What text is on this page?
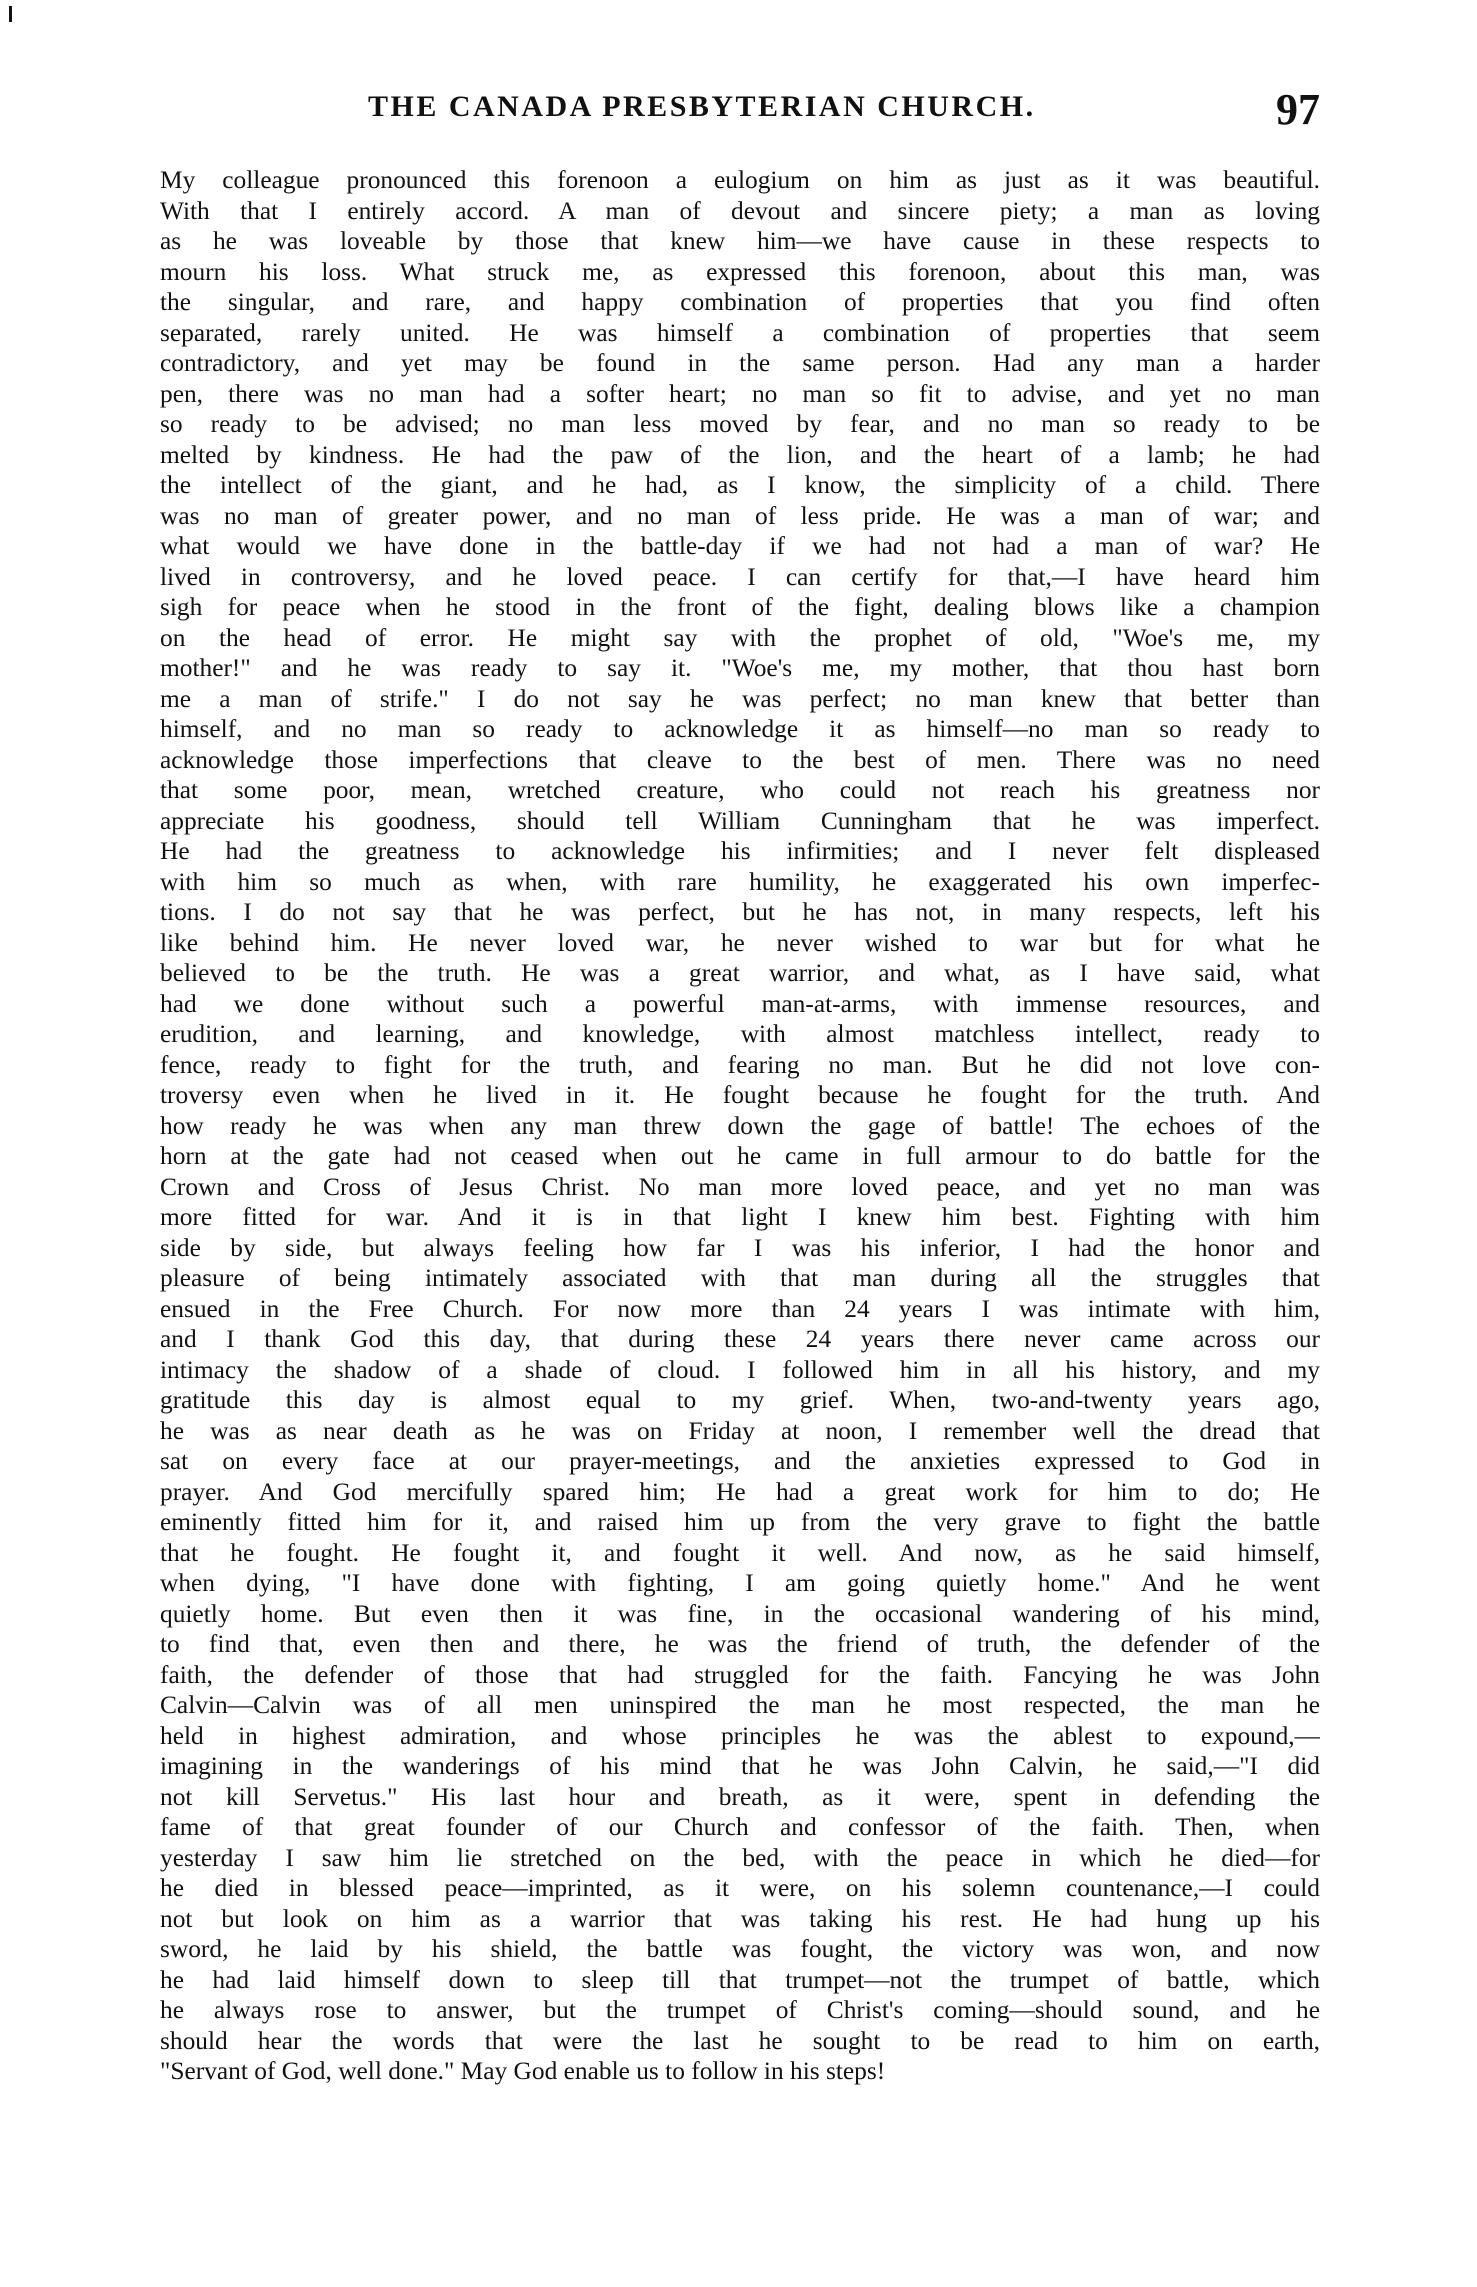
THE CANADA PRESBYTERIAN CHURCH.	97
My colleague pronounced this forenoon a eulogium on him as just as it was beautiful.
With that I entirely accord. A man of devout and sincere piety; a man as loving
as he was loveable by those that knew him—we have cause in these respects to
mourn his loss. What struck me, as expressed this forenoon, about this man, was
the singular, and rare, and happy combination of properties that you find often
separated, rarely united. He was himself a combination of properties that seem
contradictory, and yet may be found in the same person. Had any man a harder
pen, there was no man had a softer heart; no man so fit to advise, and yet no man
so ready to be advised; no man less moved by fear, and no man so ready to be
melted by kindness. He had the paw of the lion, and the heart of a lamb; he had
the intellect of the giant, and he had, as I know, the simplicity of a child. There
was no man of greater power, and no man of less pride. He was a man of war; and
what would we have done in the battle-day if we had not had a man of war? He
lived in controversy, and he loved peace. I can certify for that,—I have heard him
sigh for peace when he stood in the front of the fight, dealing blows like a champion
on the head of error. He might say with the prophet of old, "Woe's me, my
mother!" and he was ready to say it. "Woe's me, my mother, that thou hast born
me a man of strife." I do not say he was perfect; no man knew that better than
himself, and no man so ready to acknowledge it as himself—no man so ready to
acknowledge those imperfections that cleave to the best of men. There was no need
that some poor, mean, wretched creature, who could not reach his greatness nor
appreciate his goodness, should tell William Cunningham that he was imperfect.
He had the greatness to acknowledge his infirmities; and I never felt displeased
with him so much as when, with rare humility, he exaggerated his own imperfec-
tions. I do not say that he was perfect, but he has not, in many respects, left his
like behind him. He never loved war, he never wished to war but for what he
believed to be the truth. He was a great warrior, and what, as I have said, what
had we done without such a powerful man-at-arms, with immense resources, and
erudition, and learning, and knowledge, with almost matchless intellect, ready to
fence, ready to fight for the truth, and fearing no man. But he did not love con-
troversy even when he lived in it. He fought because he fought for the truth. And
how ready he was when any man threw down the gage of battle! The echoes of the
horn at the gate had not ceased when out he came in full armour to do battle for the
Crown and Cross of Jesus Christ. No man more loved peace, and yet no man was
more fitted for war. And it is in that light I knew him best. Fighting with him
side by side, but always feeling how far I was his inferior, I had the honor and
pleasure of being intimately associated with that man during all the struggles that
ensued in the Free Church. For now more than 24 years I was intimate with him,
and I thank God this day, that during these 24 years there never came across our
intimacy the shadow of a shade of cloud. I followed him in all his history, and my
gratitude this day is almost equal to my grief. When, two-and-twenty years ago,
he was as near death as he was on Friday at noon, I remember well the dread that
sat on every face at our prayer-meetings, and the anxieties expressed to God in
prayer. And God mercifully spared him; He had a great work for him to do; He
eminently fitted him for it, and raised him up from the very grave to fight the battle
that he fought. He fought it, and fought it well. And now, as he said himself,
when dying, "I have done with fighting, I am going quietly home." And he went
quietly home. But even then it was fine, in the occasional wandering of his mind,
to find that, even then and there, he was the friend of truth, the defender of the
faith, the defender of those that had struggled for the faith. Fancying he was John
Calvin—Calvin was of all men uninspired the man he most respected, the man he
held in highest admiration, and whose principles he was the ablest to expound,—
imagining in the wanderings of his mind that he was John Calvin, he said,—"I did
not kill Servetus." His last hour and breath, as it were, spent in defending the
fame of that great founder of our Church and confessor of the faith. Then, when
yesterday I saw him lie stretched on the bed, with the peace in which he died—for
he died in blessed peace—imprinted, as it were, on his solemn countenance,—I could
not but look on him as a warrior that was taking his rest. He had hung up his
sword, he laid by his shield, the battle was fought, the victory was won, and now
he had laid himself down to sleep till that trumpet—not the trumpet of battle, which
he always rose to answer, but the trumpet of Christ's coming—should sound, and he
should hear the words that were the last he sought to be read to him on earth,
"Servant of God, well done." May God enable us to follow in his steps!
